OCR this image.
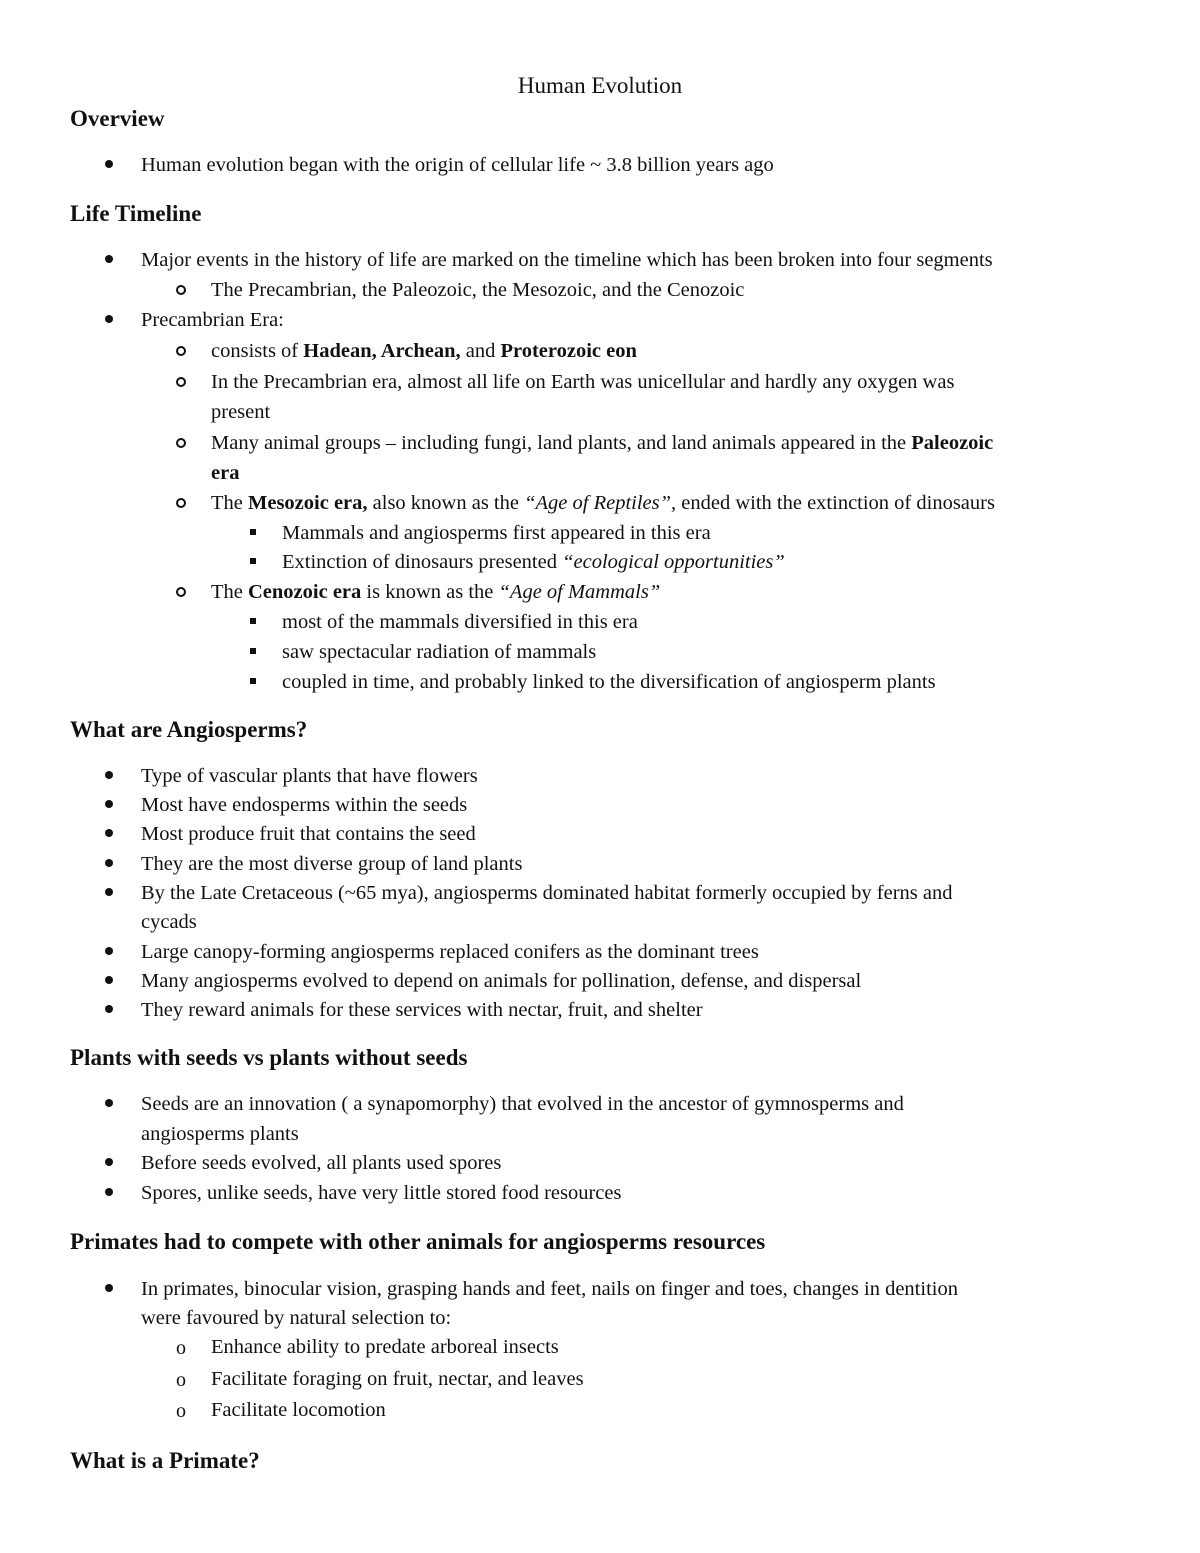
Human Evolution
Overview
Human evolution began with the origin of cellular life ~ 3.8 billion years ago
Life Timeline
Major events in the history of life are marked on the timeline which has been broken into four segments
The Precambrian, the Paleozoic, the Mesozoic, and the Cenozoic
Precambrian Era:
consists of Hadean, Archean, and Proterozoic eon
In the Precambrian era, almost all life on Earth was unicellular and hardly any oxygen was
present
Many animal groups – including fungi, land plants, and land animals appeared in the Paleozoic
era
The Mesozoic era, also known as the “Age of Reptiles”, ended with the extinction of dinosaurs
Mammals and angiosperms first appeared in this era
Extinction of dinosaurs presented “ecological opportunities”
The Cenozoic era is known as the “Age of Mammals”
most of the mammals diversified in this era
saw spectacular radiation of mammals
coupled in time, and probably linked to the diversification of angiosperm plants
What are Angiosperms?
Type of vascular plants that have flowers
Most have endosperms within the seeds
Most produce fruit that contains the seed
They are the most diverse group of land plants
By the Late Cretaceous (~65 mya), angiosperms dominated habitat formerly occupied by ferns and
cycads
Large canopy-forming angiosperms replaced conifers as the dominant trees
Many angiosperms evolved to depend on animals for pollination, defense, and dispersal
They reward animals for these services with nectar, fruit, and shelter
Plants with seeds vs plants without seeds
Seeds are an innovation ( a synapomorphy) that evolved in the ancestor of gymnosperms and
angiosperms plants
Before seeds evolved, all plants used spores
Spores, unlike seeds, have very little stored food resources
Primates had to compete with other animals for angiosperms resources
In primates, binocular vision, grasping hands and feet, nails on finger and toes, changes in dentition
were favoured by natural selection to:
o Enhance ability to predate arboreal insects
o Facilitate foraging on fruit, nectar, and leaves
o Facilitate locomotion
What is a Primate?
